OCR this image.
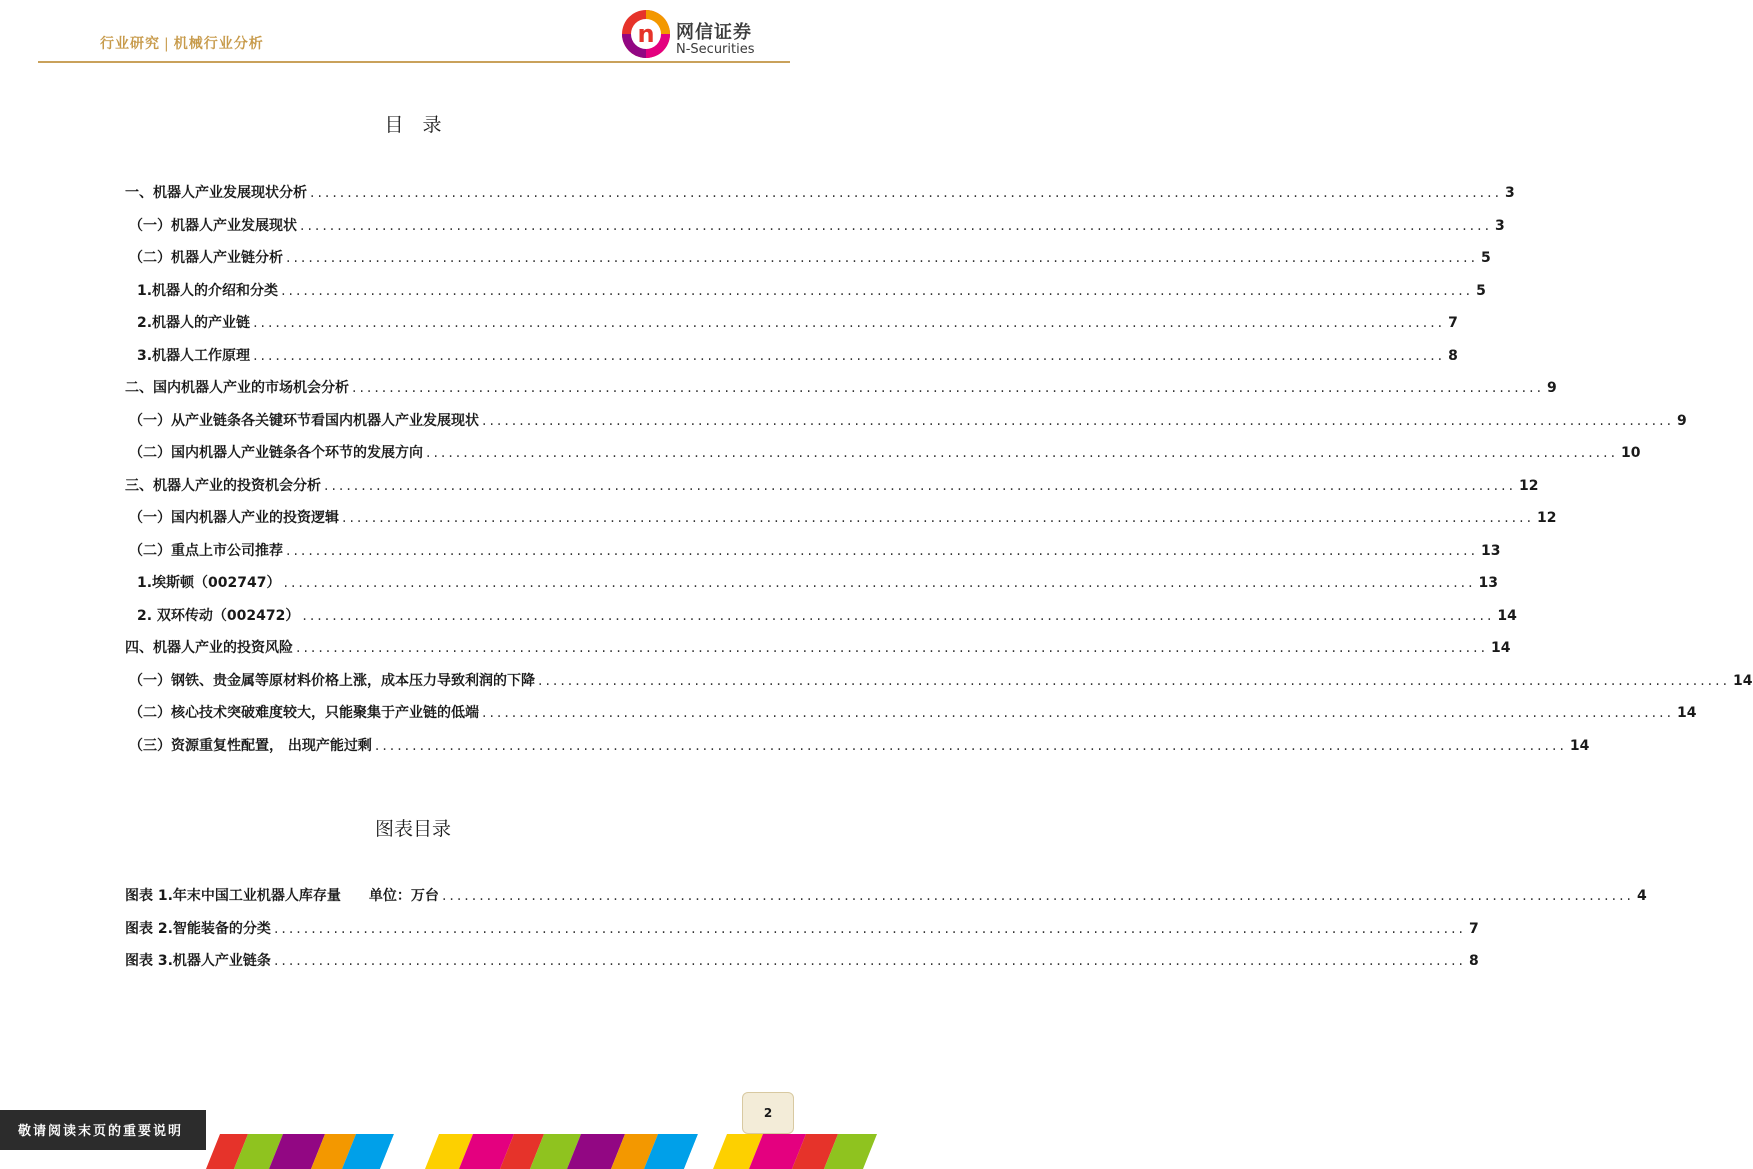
行业研究 | 机械行业分析	n 网信证券
N-Securities
目　录
一、机器人产业发展现状分析 ................................................................................................................................................................ 3
（一）机器人产业发展现状 ................................................................................................................................................................ 3
（二）机器人产业链分析 ................................................................................................................................................................ 5
1.机器人的介绍和分类 ................................................................................................................................................................ 5
2.机器人的产业链 ................................................................................................................................................................ 7
3.机器人工作原理 ................................................................................................................................................................ 8
二、国内机器人产业的市场机会分析 ................................................................................................................................................................ 9
（一）从产业链条各关键环节看国内机器人产业发展现状 ................................................................................................................................................................ 9
（二）国内机器人产业链条各个环节的发展方向 ................................................................................................................................................................ 10
三、机器人产业的投资机会分析 ................................................................................................................................................................ 12
（一）国内机器人产业的投资逻辑 ................................................................................................................................................................ 12
（二）重点上市公司推荐 ................................................................................................................................................................ 13
1.埃斯顿（002747） ................................................................................................................................................................ 13
2. 双环传动（002472） ................................................................................................................................................................ 14
四、机器人产业的投资风险 ................................................................................................................................................................ 14
（一）钢铁、贵金属等原材料价格上涨，成本压力导致利润的下降 ................................................................................................................................................................ 14
（二）核心技术突破难度较大，只能聚集于产业链的低端 ................................................................................................................................................................ 14
（三）资源重复性配置， 出现产能过剩 ................................................................................................................................................................ 14
图表目录
图表 1.年末中国工业机器人库存量　　单位：万台 ................................................................................................................................................................ 4
图表 2.智能装备的分类 ................................................................................................................................................................ 7
图表 3.机器人产业链条 ................................................................................................................................................................ 8
敬请阅读末页的重要说明
2
